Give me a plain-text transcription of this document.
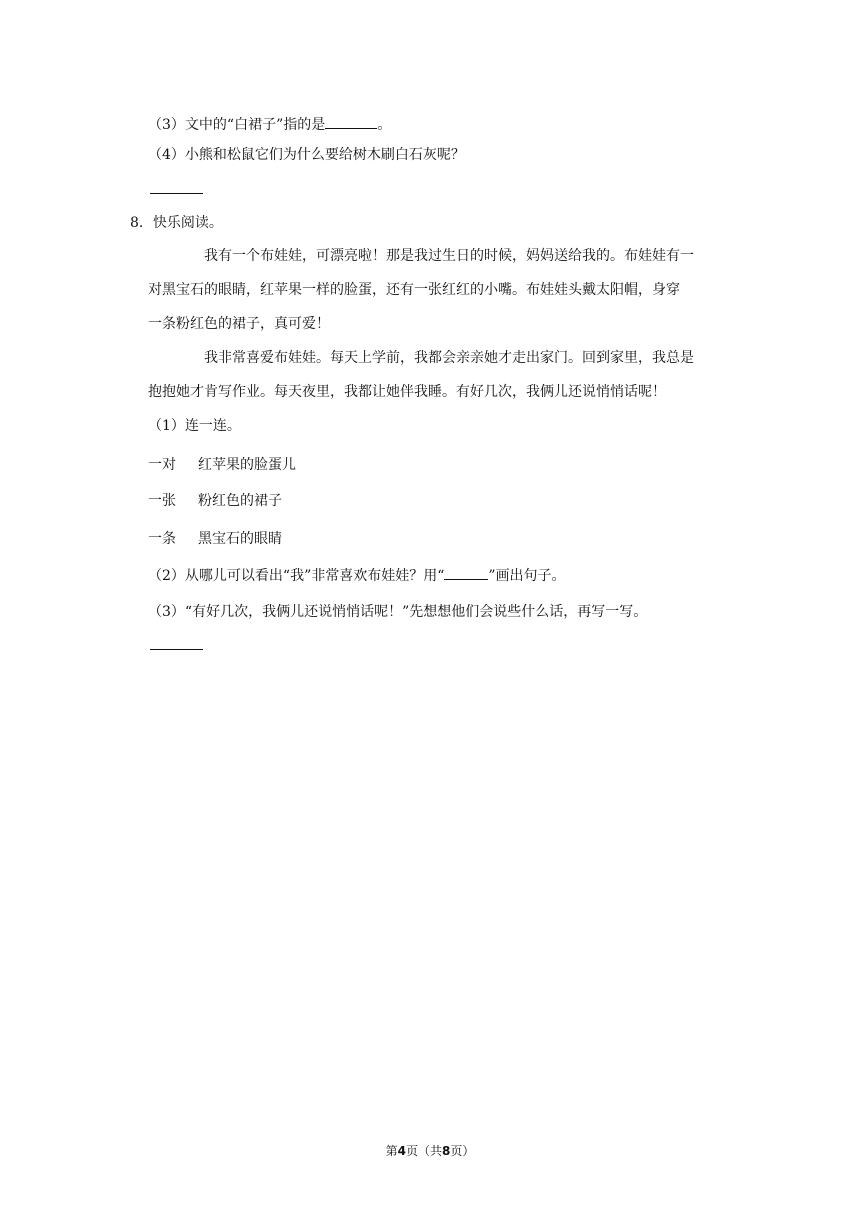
（3）文中的“白裙子”指的是	。
（4）小熊和松鼠它们为什么要给树木刷白石灰呢？
8．快乐阅读。
我有一个布娃娃，可漂亮啦！那是我过生日的时候，妈妈送给我的。布娃娃有一
对黑宝石的眼睛，红苹果一样的脸蛋，还有一张红红的小嘴。布娃娃头戴太阳帽，身穿
一条粉红色的裙子，真可爱！
我非常喜爱布娃娃。每天上学前，我都会亲亲她才走出家门。回到家里，我总是
抱抱她才肯写作业。每天夜里，我都让她伴我睡。有好几次，我俩儿还说悄悄话呢！
（1）连一连。
一对 红苹果的脸蛋儿
一张 粉红色的裙子
一条 黑宝石的眼睛
（2）从哪儿可以看出“我”非常喜欢布娃娃？用“	”画出句子。
（3）“有好几次，我俩儿还说悄悄话呢！”先想想他们会说些什么话，再写一写。
第4页（共8页）
